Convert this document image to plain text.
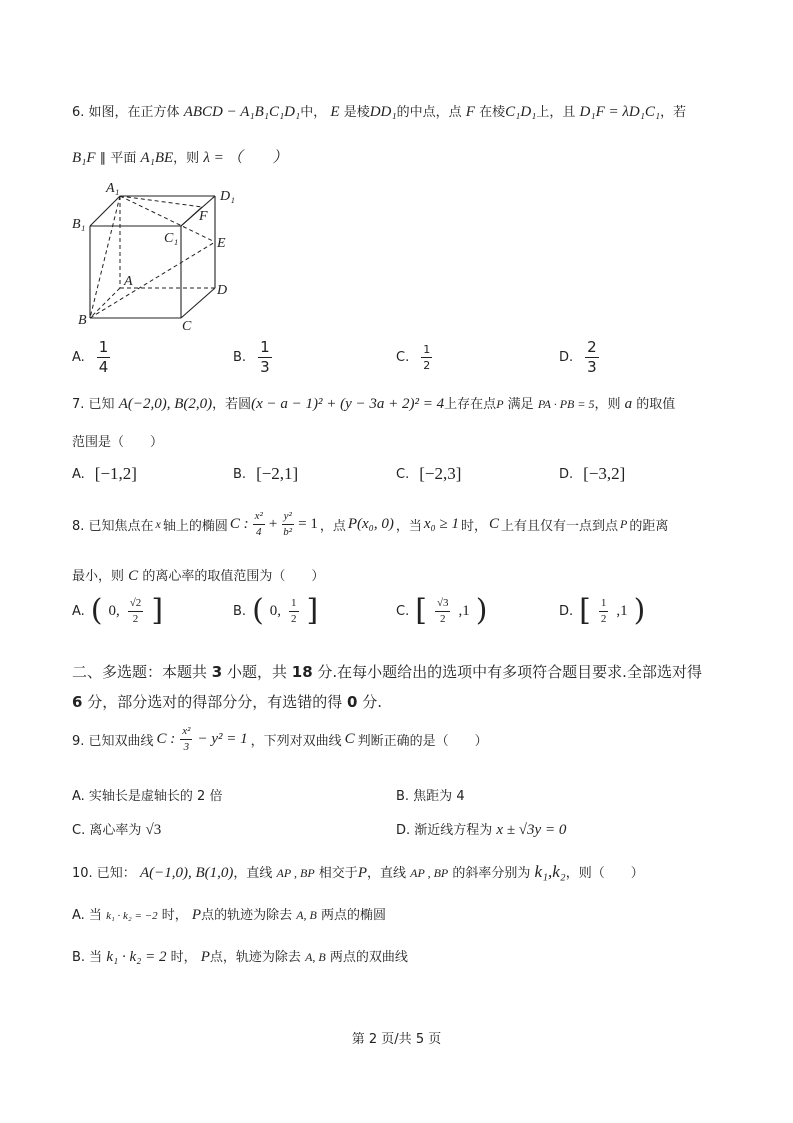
6. 如图，在正方体 ABCD − A₁B₁C₁D₁中， E 是棱DD₁的中点，点 F 在棱C₁D₁上，且 D₁F = λD₁C₁，若
B₁F ∥ 平面 A₁BE，则 λ = （　　）
A₁
D₁
B₁
F
C₁	E
A
D
B	C
A. $\frac{1}{4}$	B. $\frac{1}{3}$	C. $\frac{1}{2}$	D. $\frac{2}{3}$
7. 已知 A(−2,0), B(2,0)，若圆(x − a − 1)² + (y − 3a + 2)² = 4上存在点P 满足 PA · PB = 5，则 a 的取值
范围是（　　）
A. [−1,2]	B. [−2,1]	C. [−2,3]	D. [−3,2]
8. 已知焦点在 x 轴上的椭圆 C : $\frac{\text{x²}}{4} + \frac{\text{y²}}{\text{b²}} = 1$ ，点 P(x₀, 0) ，当 x₀ ≥ 1 时， C 上有且仅有一点到点 P 的距离
最小，则 C 的离心率的取值范围为（　　）
A. ( 0, $\frac{√2}{2}$ ]	B. ( 0, $\frac{1}{2}$ ]	C. [ $\frac{√3}{2} ,1$ )	D. [ $\frac{1}{2} ,1$ )
二、多选题：本题共 3 小题，共 18 分.在每小题给出的选项中有多项符合题目要求.全部选对得
6 分，部分选对的得部分分，有选错的得 0 分.
9. 已知双曲线 C : $\frac{\text{x²}}{3} - y^2 = 1$ ，下列对双曲线 C 判断正确的是（　　）
A. 实轴长是虚轴长的 2 倍	B. 焦距为 4
C. 离心率为 √3	D. 渐近线方程为 x ± √3y = 0
10. 已知： A(−1,0), B(1,0)，直线 AP , BP 相交于P，直线 AP , BP 的斜率分别为 k₁,k₂，则（　　）
A. 当 k₁ · k₂ = −2 时， P点的轨迹为除去 A, B 两点的椭圆
B. 当 k₁ · k₂ = 2 时， P点，轨迹为除去 A, B 两点的双曲线
第 2 页/共 5 页
